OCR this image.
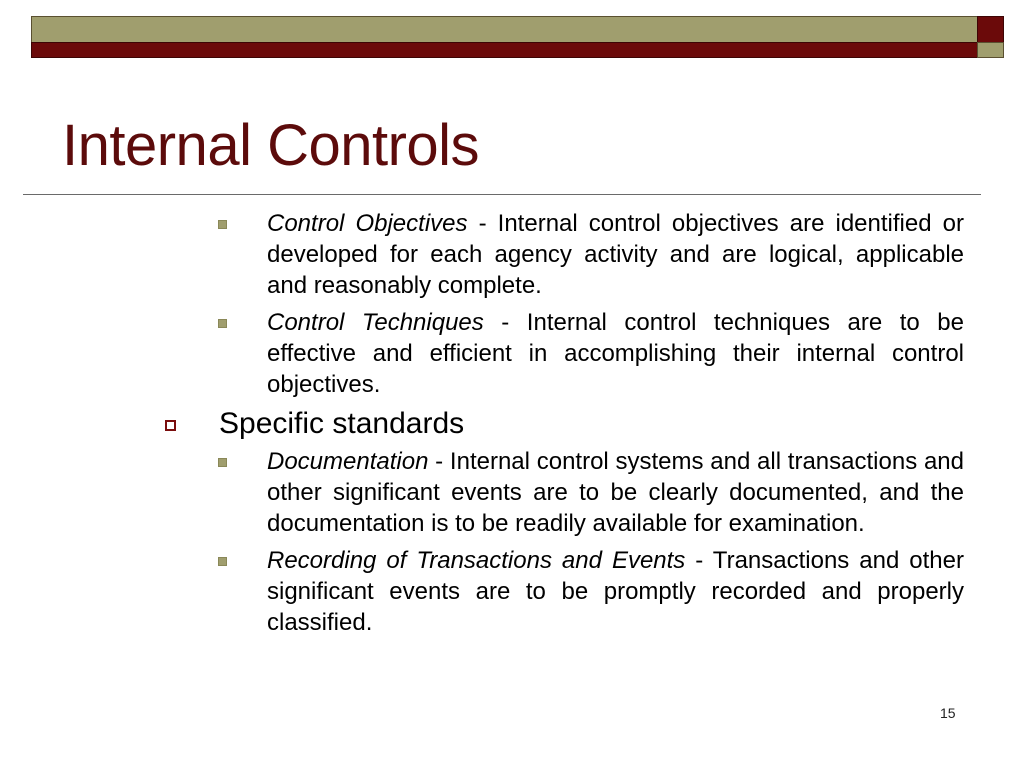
Internal Controls
Control Objectives - Internal control objectives are identified or developed for each agency activity and are logical, applicable and reasonably complete.
Control Techniques - Internal control techniques are to be effective and efficient in accomplishing their internal control objectives.
Specific standards
Documentation - Internal control systems and all transactions and other significant events are to be clearly documented, and the documentation is to be readily available for examination.
Recording of Transactions and Events - Transactions and other significant events are to be promptly recorded and properly classified.
15
